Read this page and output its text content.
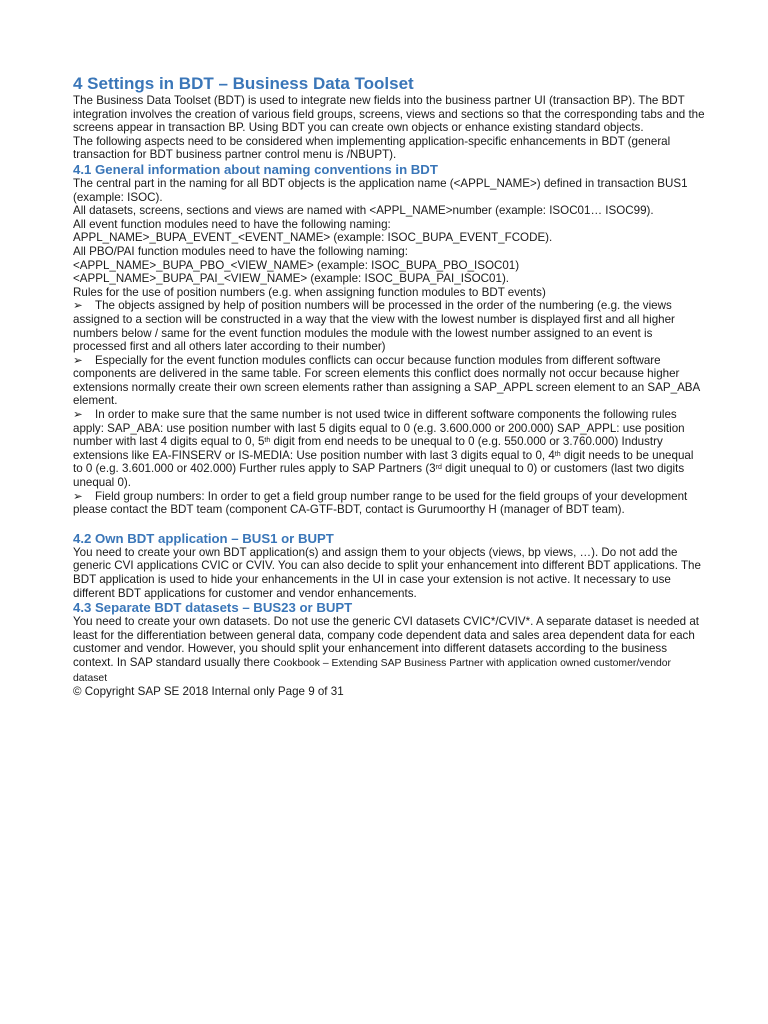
4 Settings in BDT – Business Data Toolset

The Business Data Toolset (BDT) is used to integrate new fields into the business partner UI (transaction BP). The BDT integration involves the creation of various field groups, screens, views and sections so that the corresponding tabs and the screens appear in transaction BP. Using BDT you can create own objects or enhance existing standard objects.

The following aspects need to be considered when implementing application-specific enhancements in BDT (general transaction for BDT business partner control menu is /NBUPT).

4.1 General information about naming conventions in BDT

The central part in the naming for all BDT objects is the application name (<APPL_NAME>) defined in transaction BUS1 (example: ISOC).

All datasets, screens, sections and views are named with <APPL_NAME>number (example: ISOC01… ISOC99).

All event function modules need to have the following naming:

APPL_NAME>_BUPA_EVENT_<EVENT_NAME> (example: ISOC_BUPA_EVENT_FCODE).

All PBO/PAI function modules need to have the following naming:

<APPL_NAME>_BUPA_PBO_<VIEW_NAME> (example: ISOC_BUPA_PBO_ISOC01)

<APPL_NAME>_BUPA_PAI_<VIEW_NAME> (example: ISOC_BUPA_PAI_ISOC01).

Rules for the use of position numbers (e.g. when assigning function modules to BDT events)

➢ The objects assigned by help of position numbers will be processed in the order of the numbering (e.g. the views assigned to a section will be constructed in a way that the view with the lowest number is displayed first and all higher numbers below / same for the event function modules the module with the lowest number assigned to an event is processed first and all others later according to their number)

➢ Especially for the event function modules conflicts can occur because function modules from different software components are delivered in the same table. For screen elements this conflict does normally not occur because higher extensions normally create their own screen elements rather than assigning a SAP_APPL screen element to an SAP_ABA element.

➢ In order to make sure that the same number is not used twice in different software components the following rules apply: SAP_ABA: use position number with last 5 digits equal to 0 (e.g. 3.600.000 or 200.000) SAP_APPL: use position number with last 4 digits equal to 0, 5th digit from end needs to be unequal to 0 (e.g. 550.000 or 3.760.000) Industry extensions like EA-FINSERV or IS-MEDIA: Use position number with last 3 digits equal to 0, 4th digit needs to be unequal to 0 (e.g. 3.601.000 or 402.000) Further rules apply to SAP Partners (3rd digit unequal to 0) or customers (last two digits unequal 0).

➢ Field group numbers: In order to get a field group number range to be used for the field groups of your development please contact the BDT team (component CA-GTF-BDT, contact is Gurumoorthy H (manager of BDT team).

4.2 Own BDT application – BUS1 or BUPT

You need to create your own BDT application(s) and assign them to your objects (views, bp views, …). Do not add the generic CVI applications CVIC or CVIV. You can also decide to split your enhancement into different BDT applications. The BDT application is used to hide your enhancements in the UI in case your extension is not active. It necessary to use different BDT applications for customer and vendor enhancements.

4.3 Separate BDT datasets – BUS23 or BUPT

You need to create your own datasets. Do not use the generic CVI datasets CVIC*/CVIV*. A separate dataset is needed at least for the differentiation between general data, company code dependent data and sales area dependent data for each customer and vendor. However, you should split your enhancement into different datasets according to the business context. In SAP standard usually there Cookbook – Extending SAP Business Partner with application owned customer/vendor dataset

© Copyright SAP SE 2018 Internal only Page 9 of 31
